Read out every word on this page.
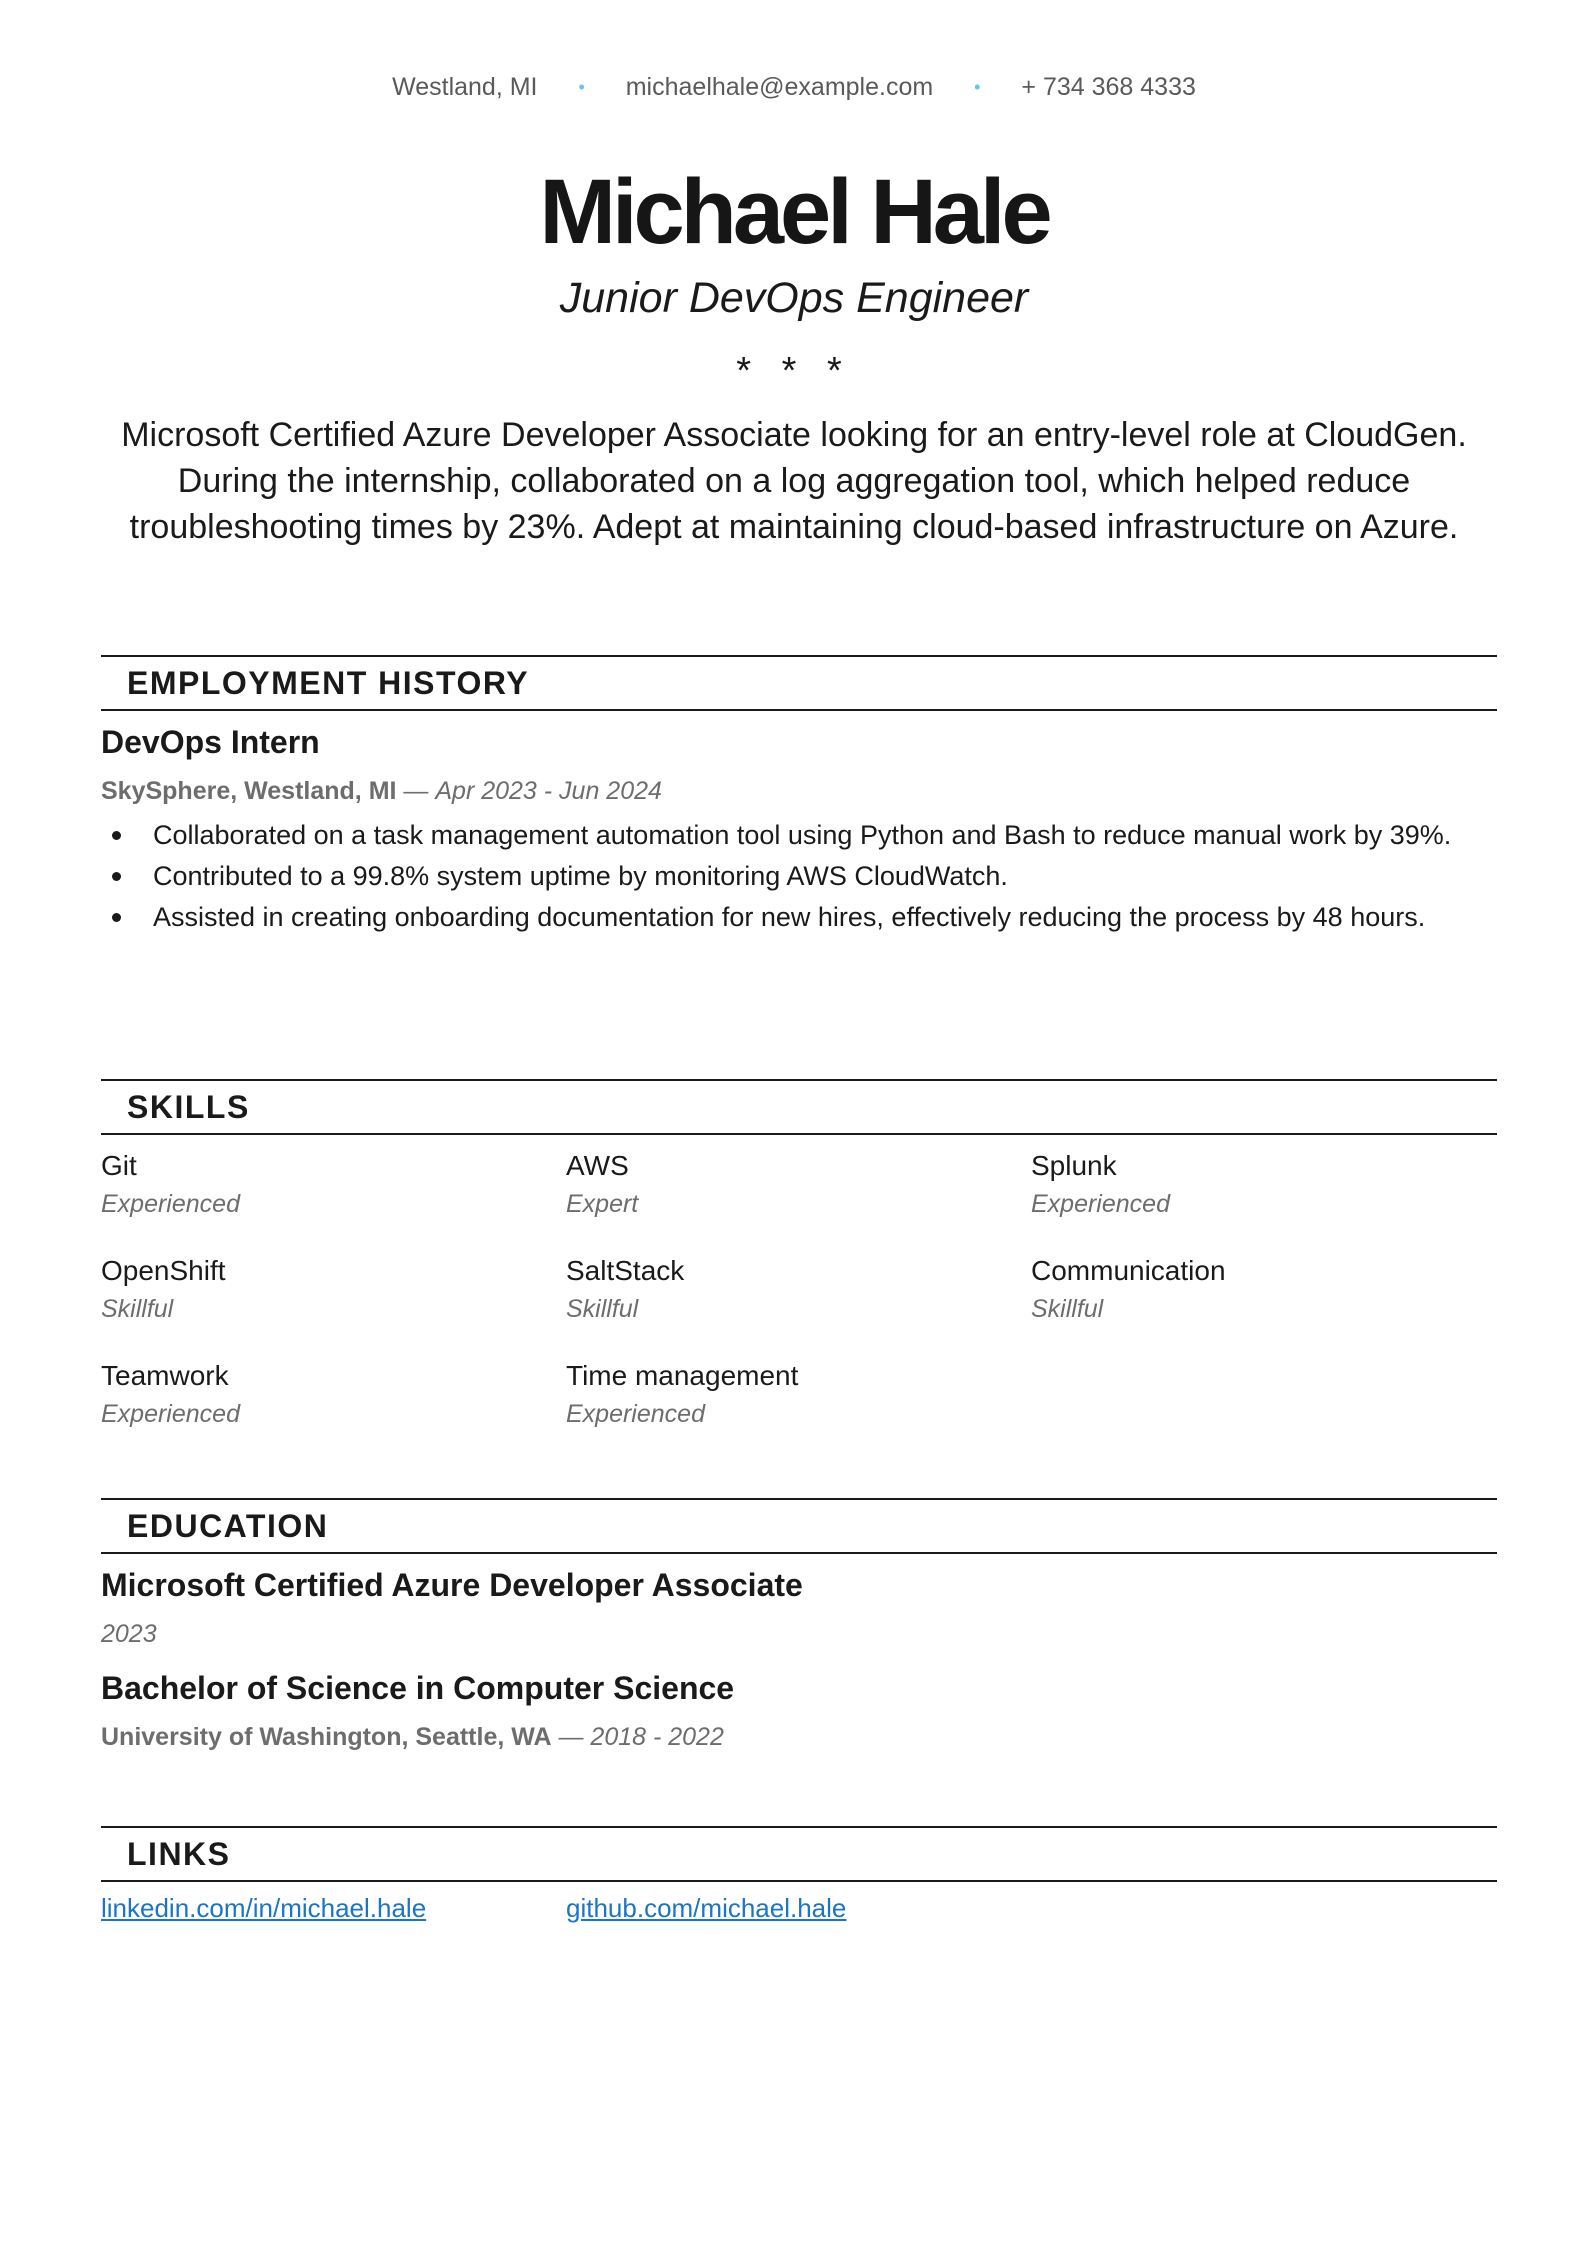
Westland, MI • michaelhale@example.com • + 734 368 4333
Michael Hale
Junior DevOps Engineer
* * *
Microsoft Certified Azure Developer Associate looking for an entry-level role at CloudGen. During the internship, collaborated on a log aggregation tool, which helped reduce troubleshooting times by 23%. Adept at maintaining cloud-based infrastructure on Azure.
EMPLOYMENT HISTORY
DevOps Intern
SkySphere, Westland, MI — Apr 2023 - Jun 2024
Collaborated on a task management automation tool using Python and Bash to reduce manual work by 39%.
Contributed to a 99.8% system uptime by monitoring AWS CloudWatch.
Assisted in creating onboarding documentation for new hires, effectively reducing the process by 48 hours.
SKILLS
Git
Experienced
AWS
Expert
Splunk
Experienced
OpenShift
Skillful
SaltStack
Skillful
Communication
Skillful
Teamwork
Experienced
Time management
Experienced
EDUCATION
Microsoft Certified Azure Developer Associate
2023
Bachelor of Science in Computer Science
University of Washington, Seattle, WA — 2018 - 2022
LINKS
linkedin.com/in/michael.hale	github.com/michael.hale
